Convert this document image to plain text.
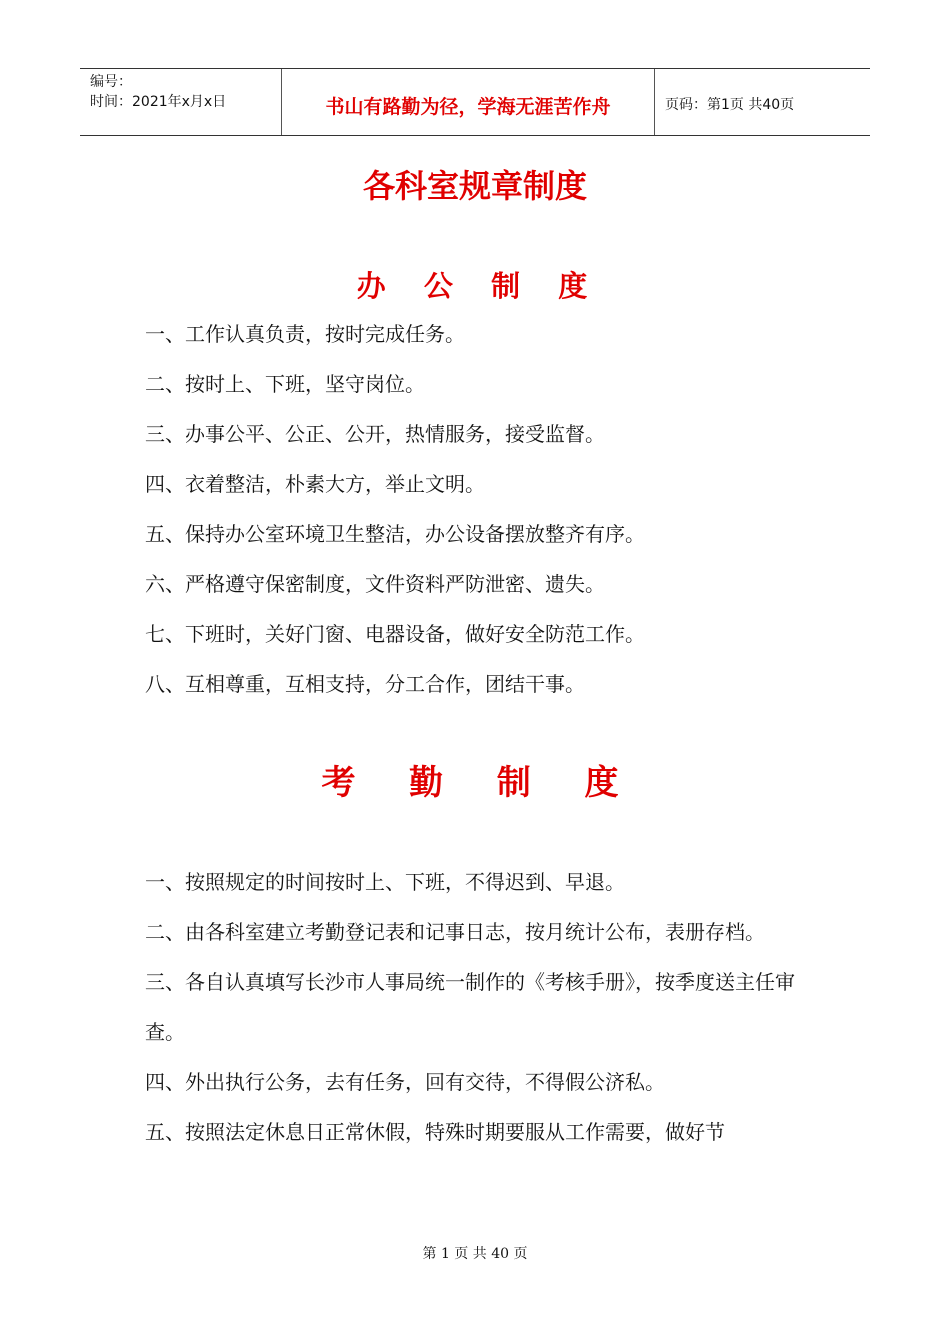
编号：
时间：2021年x月x日	书山有路勤为径，学海无涯苦作舟	页码：第1页 共40页
各科室规章制度
办  公  制  度

一、工作认真负责，按时完成任务。

二、按时上、下班，坚守岗位。

三、办事公平、公正、公开，热情服务，接受监督。

四、衣着整洁，朴素大方，举止文明。

五、保持办公室环境卫生整洁，办公设备摆放整齐有序。

六、严格遵守保密制度，文件资料严防泄密、遗失。

七、下班时，关好门窗、电器设备，做好安全防范工作。

八、互相尊重，互相支持，分工合作，团结干事。

考  勤  制  度

一、按照规定的时间按时上、下班，不得迟到、早退。

二、由各科室建立考勤登记表和记事日志，按月统计公布，表册存档。

三、各自认真填写长沙市人事局统一制作的《考核手册》，按季度送主任审查。

四、外出执行公务，去有任务，回有交待，不得假公济私。

五、按照法定休息日正常休假，特殊时期要服从工作需要，做好节

第 1 页 共 40 页
